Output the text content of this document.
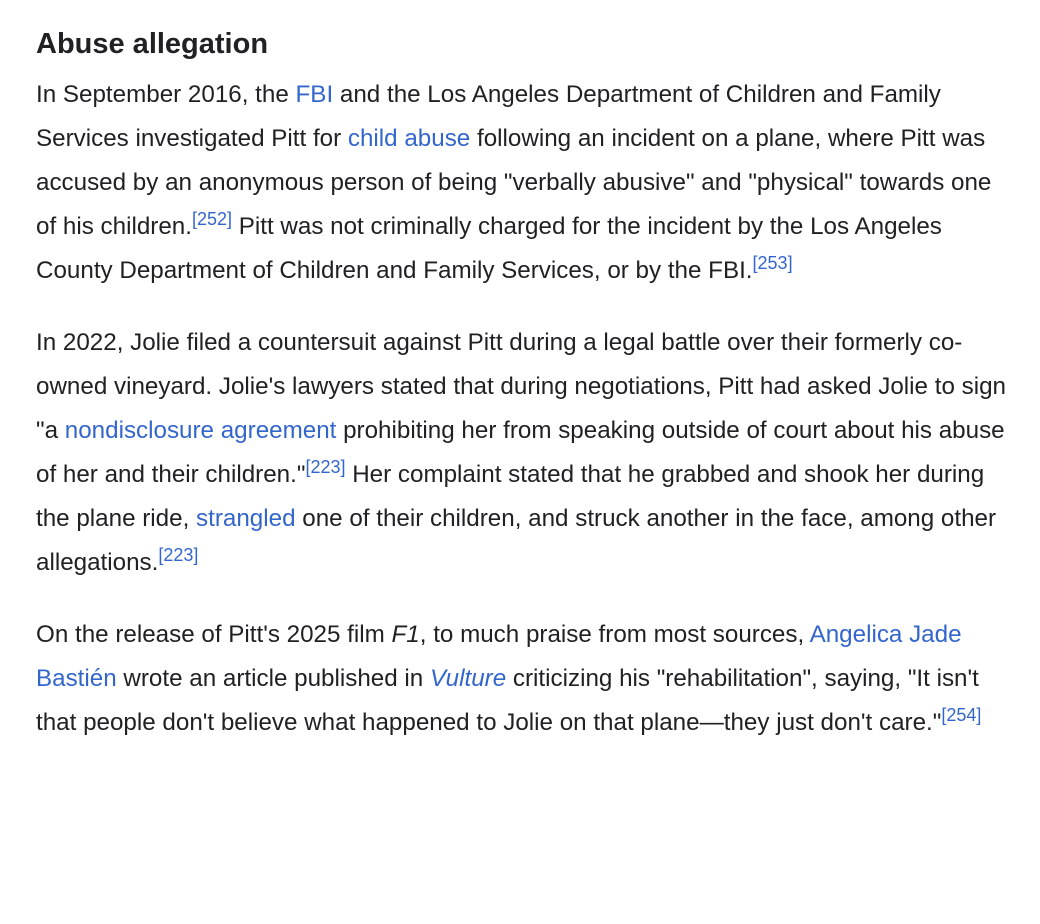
Abuse allegation

In September 2016, the FBI and the Los Angeles Department of Children and Family Services investigated Pitt for child abuse following an incident on a plane, where Pitt was accused by an anonymous person of being "verbally abusive" and "physical" towards one of his children.[252] Pitt was not criminally charged for the incident by the Los Angeles County Department of Children and Family Services, or by the FBI.[253]

In 2022, Jolie filed a countersuit against Pitt during a legal battle over their formerly co-owned vineyard. Jolie's lawyers stated that during negotiations, Pitt had asked Jolie to sign "a nondisclosure agreement prohibiting her from speaking outside of court about his abuse of her and their children."[223] Her complaint stated that he grabbed and shook her during the plane ride, strangled one of their children, and struck another in the face, among other allegations.[223]

On the release of Pitt's 2025 film F1, to much praise from most sources, Angelica Jade Bastién wrote an article published in Vulture criticizing his "rehabilitation", saying, "It isn't that people don't believe what happened to Jolie on that plane—they just don't care."[254]
